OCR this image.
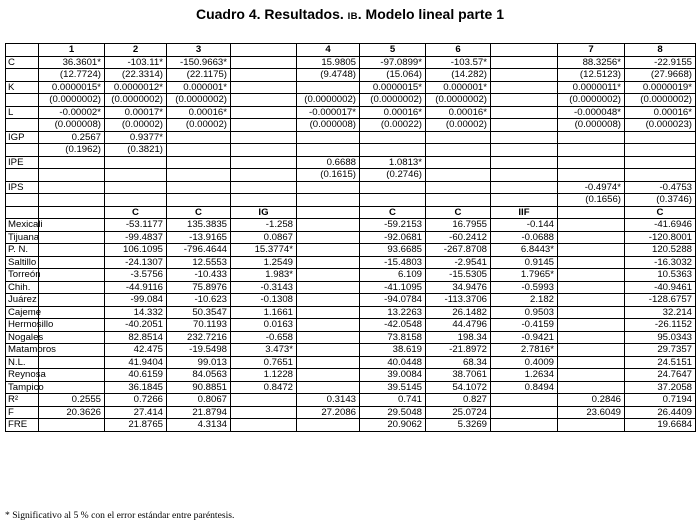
Cuadro 4. Resultados. IB. Modelo lineal parte 1
	1	2	3		4	5	6		7	8
C	36.3601*	-103.11*	-150.9663*		15.9805	-97.0899*	-103.57*		88.3256*	-22.9155
	(12.7724)	(22.3314)	(22.1175)		(9.4748)	(15.064)	(14.282)		(12.5123)	(27.9668)
K	0.0000015*	0.0000012*	0.000001*			0.0000015*	0.000001*		0.0000011*	0.0000019*
	(0.0000002)	(0.0000002)	(0.0000002)		(0.0000002)	(0.0000002)	(0.0000002)		(0.0000002)	(0.0000002)
L	-0.00002*	0.00017*	0.00016*		-0.000017*	0.00016*	0.00016*		-0.000048*	0.00016*
	(0.000008)	(0.00002)	(0.00002)		(0.000008)	(0.00022)	(0.00002)		(0.000008)	(0.000023)
IGP	0.2567	0.9377*								
	(0.1962)	(0.3821)								
IPE					0.6688	1.0813*				
					(0.1615)	(0.2746)				
IPS									-0.4974*	-0.4753
									(0.1656)	(0.3746)
		C	C	IG		C	C	IIF		C
Mexicali		-53.1177	135.3835	-1.258		-59.2153	16.7955	-0.144		-41.6946
Tijuana		-99.4837	-13.9165	0.0867		-92.0681	-60.2412	-0.0688		-120.8001
P. N.		106.1095	-796.4644	15.3774*		93.6685	-267.8708	6.8443*		120.5288
Saltillo		-24.1307	12.5553	1.2549		-15.4803	-2.9541	0.9145		-16.3032
Torreón		-3.5756	-10.433	1.983*		6.109	-15.5305	1.7965*		10.5363
Chih.		-44.9116	75.8976	-0.3143		-41.1095	34.9476	-0.5993		-40.9461
Juárez		-99.084	-10.623	-0.1308		-94.0784	-113.3706	2.182		-128.6757
Cajeme		14.332	50.3547	1.1661		13.2263	26.1482	0.9503		32.214
Hermosillo		-40.2051	70.1193	0.0163		-42.0548	44.4796	-0.4159		-26.1152
Nogales		82.8514	232.7216	-0.658		73.8158	198.34	-0.9421		95.0343
Matamoros		42.475	-19.5498	3.473*		38.619	-21.8972	2.7816*		29.7357
N.L.		41.9404	99.013	0.7651		40.0448	68.34	0.4009		24.5151
Reynosa		40.6159	84.0563	1.1228		39.0084	38.7061	1.2634		24.7647
Tampico		36.1845	90.8851	0.8472		39.5145	54.1072	0.8494		37.2058
R²	0.2555	0.7266	0.8067		0.3143	0.741	0.827		0.2846	0.7194
F	20.3626	27.414	21.8794		27.2086	29.5048	25.0724		23.6049	26.4409
FRE		21.8765	4.3134			20.9062	5.3269			19.6684
* Significativo al 5 % con el error estándar entre paréntesis.
